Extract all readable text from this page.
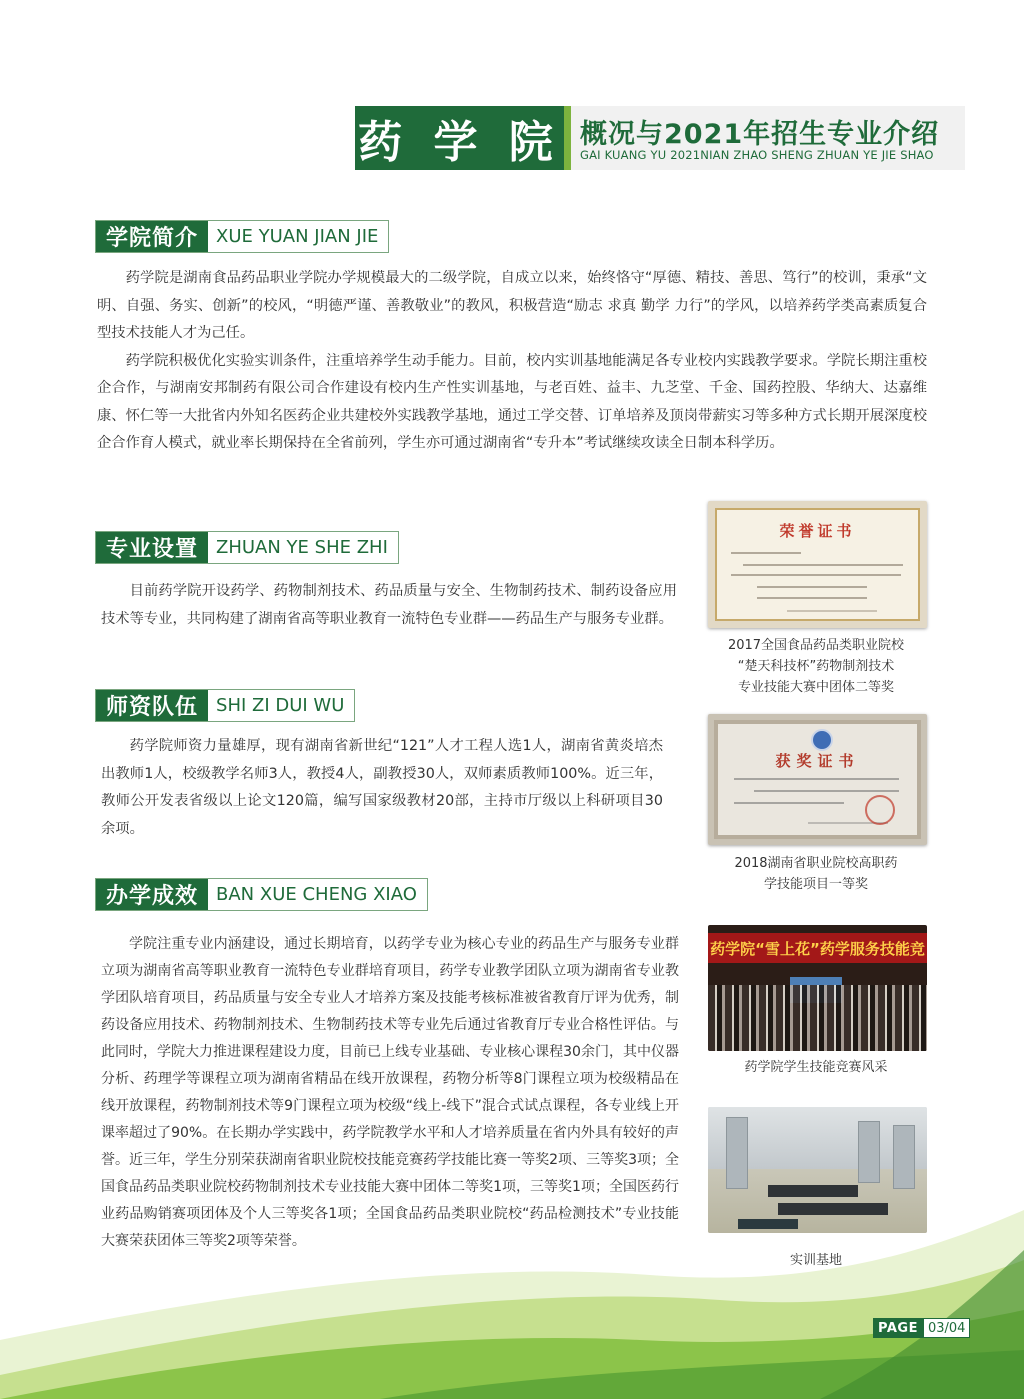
药 学 院 概况与2021年招生专业介绍
GAI KUANG YU 2021NIAN ZHAO SHENG ZHUAN YE JIE SHAO
学院简介	XUE YUAN JIAN JIE

药学院是湖南食品药品职业学院办学规模最大的二级学院，自成立以来，始终恪守“厚德、精技、善思、笃行”的校训，秉承“文明、自强、务实、创新”的校风，“明德严谨、善教敬业”的教风，积极营造“励志 求真 勤学 力行”的学风，以培养药学类高素质复合型技术技能人才为己任。

药学院积极优化实验实训条件，注重培养学生动手能力。目前，校内实训基地能满足各专业校内实践教学要求。学院长期注重校企合作，与湖南安邦制药有限公司合作建设有校内生产性实训基地，与老百姓、益丰、九芝堂、千金、国药控股、华纳大、达嘉维康、怀仁等一大批省内外知名医药企业共建校外实践教学基地，通过工学交替、订单培养及顶岗带薪实习等多种方式长期开展深度校企合作育人模式，就业率长期保持在全省前列，学生亦可通过湖南省“专升本”考试继续攻读全日制本科学历。

专业设置	ZHUAN YE SHE ZHI

目前药学院开设药学、药物制剂技术、药品质量与安全、生物制药技术、制药设备应用技术等专业，共同构建了湖南省高等职业教育一流特色专业群——药品生产与服务专业群。

师资队伍	SHI ZI DUI WU

药学院师资力量雄厚，现有湖南省新世纪“121”人才工程人选1人，湖南省黄炎培杰出教师1人，校级教学名师3人，教授4人，副教授30人，双师素质教师100%。近三年，教师公开发表省级以上论文120篇，编写国家级教材20部，主持市厅级以上科研项目30余项。

办学成效	BAN XUE CHENG XIAO

学院注重专业内涵建设，通过长期培育，以药学专业为核心专业的药品生产与服务专业群立项为湖南省高等职业教育一流特色专业群培育项目，药学专业教学团队立项为湖南省专业教学团队培育项目，药品质量与安全专业人才培养方案及技能考核标准被省教育厅评为优秀，制药设备应用技术、药物制剂技术、生物制药技术等专业先后通过省教育厅专业合格性评估。与此同时，学院大力推进课程建设力度，目前已上线专业基础、专业核心课程30余门，其中仪器分析、药理学等课程立项为湖南省精品在线开放课程，药物分析等8门课程立项为校级精品在线开放课程，药物制剂技术等9门课程立项为校级“线上-线下”混合式试点课程，各专业线上开课率超过了90%。在长期办学实践中，药学院教学水平和人才培养质量在省内外具有较好的声誉。近三年，学生分别荣获湖南省职业院校技能竞赛药学技能比赛一等奖2项、三等奖3项；全国食品药品类职业院校药物制剂技术专业技能大赛中团体二等奖1项，三等奖1项；全国医药行业药品购销赛项团体及个人三等奖各1项；全国食品药品类职业院校“药品检测技术”专业技能大赛荣获团体三等奖2项等荣誉。

荣誉证书
2017全国食品药品类职业院校
“楚天科技杯”药物制剂技术
专业技能大赛中团体二等奖
获奖证书
2018湖南省职业院校高职药
学技能项目一等奖
药学院“雪上花”药学服务技能竞
药学院学生技能竞赛风采
实训基地
PAGE 03/04
